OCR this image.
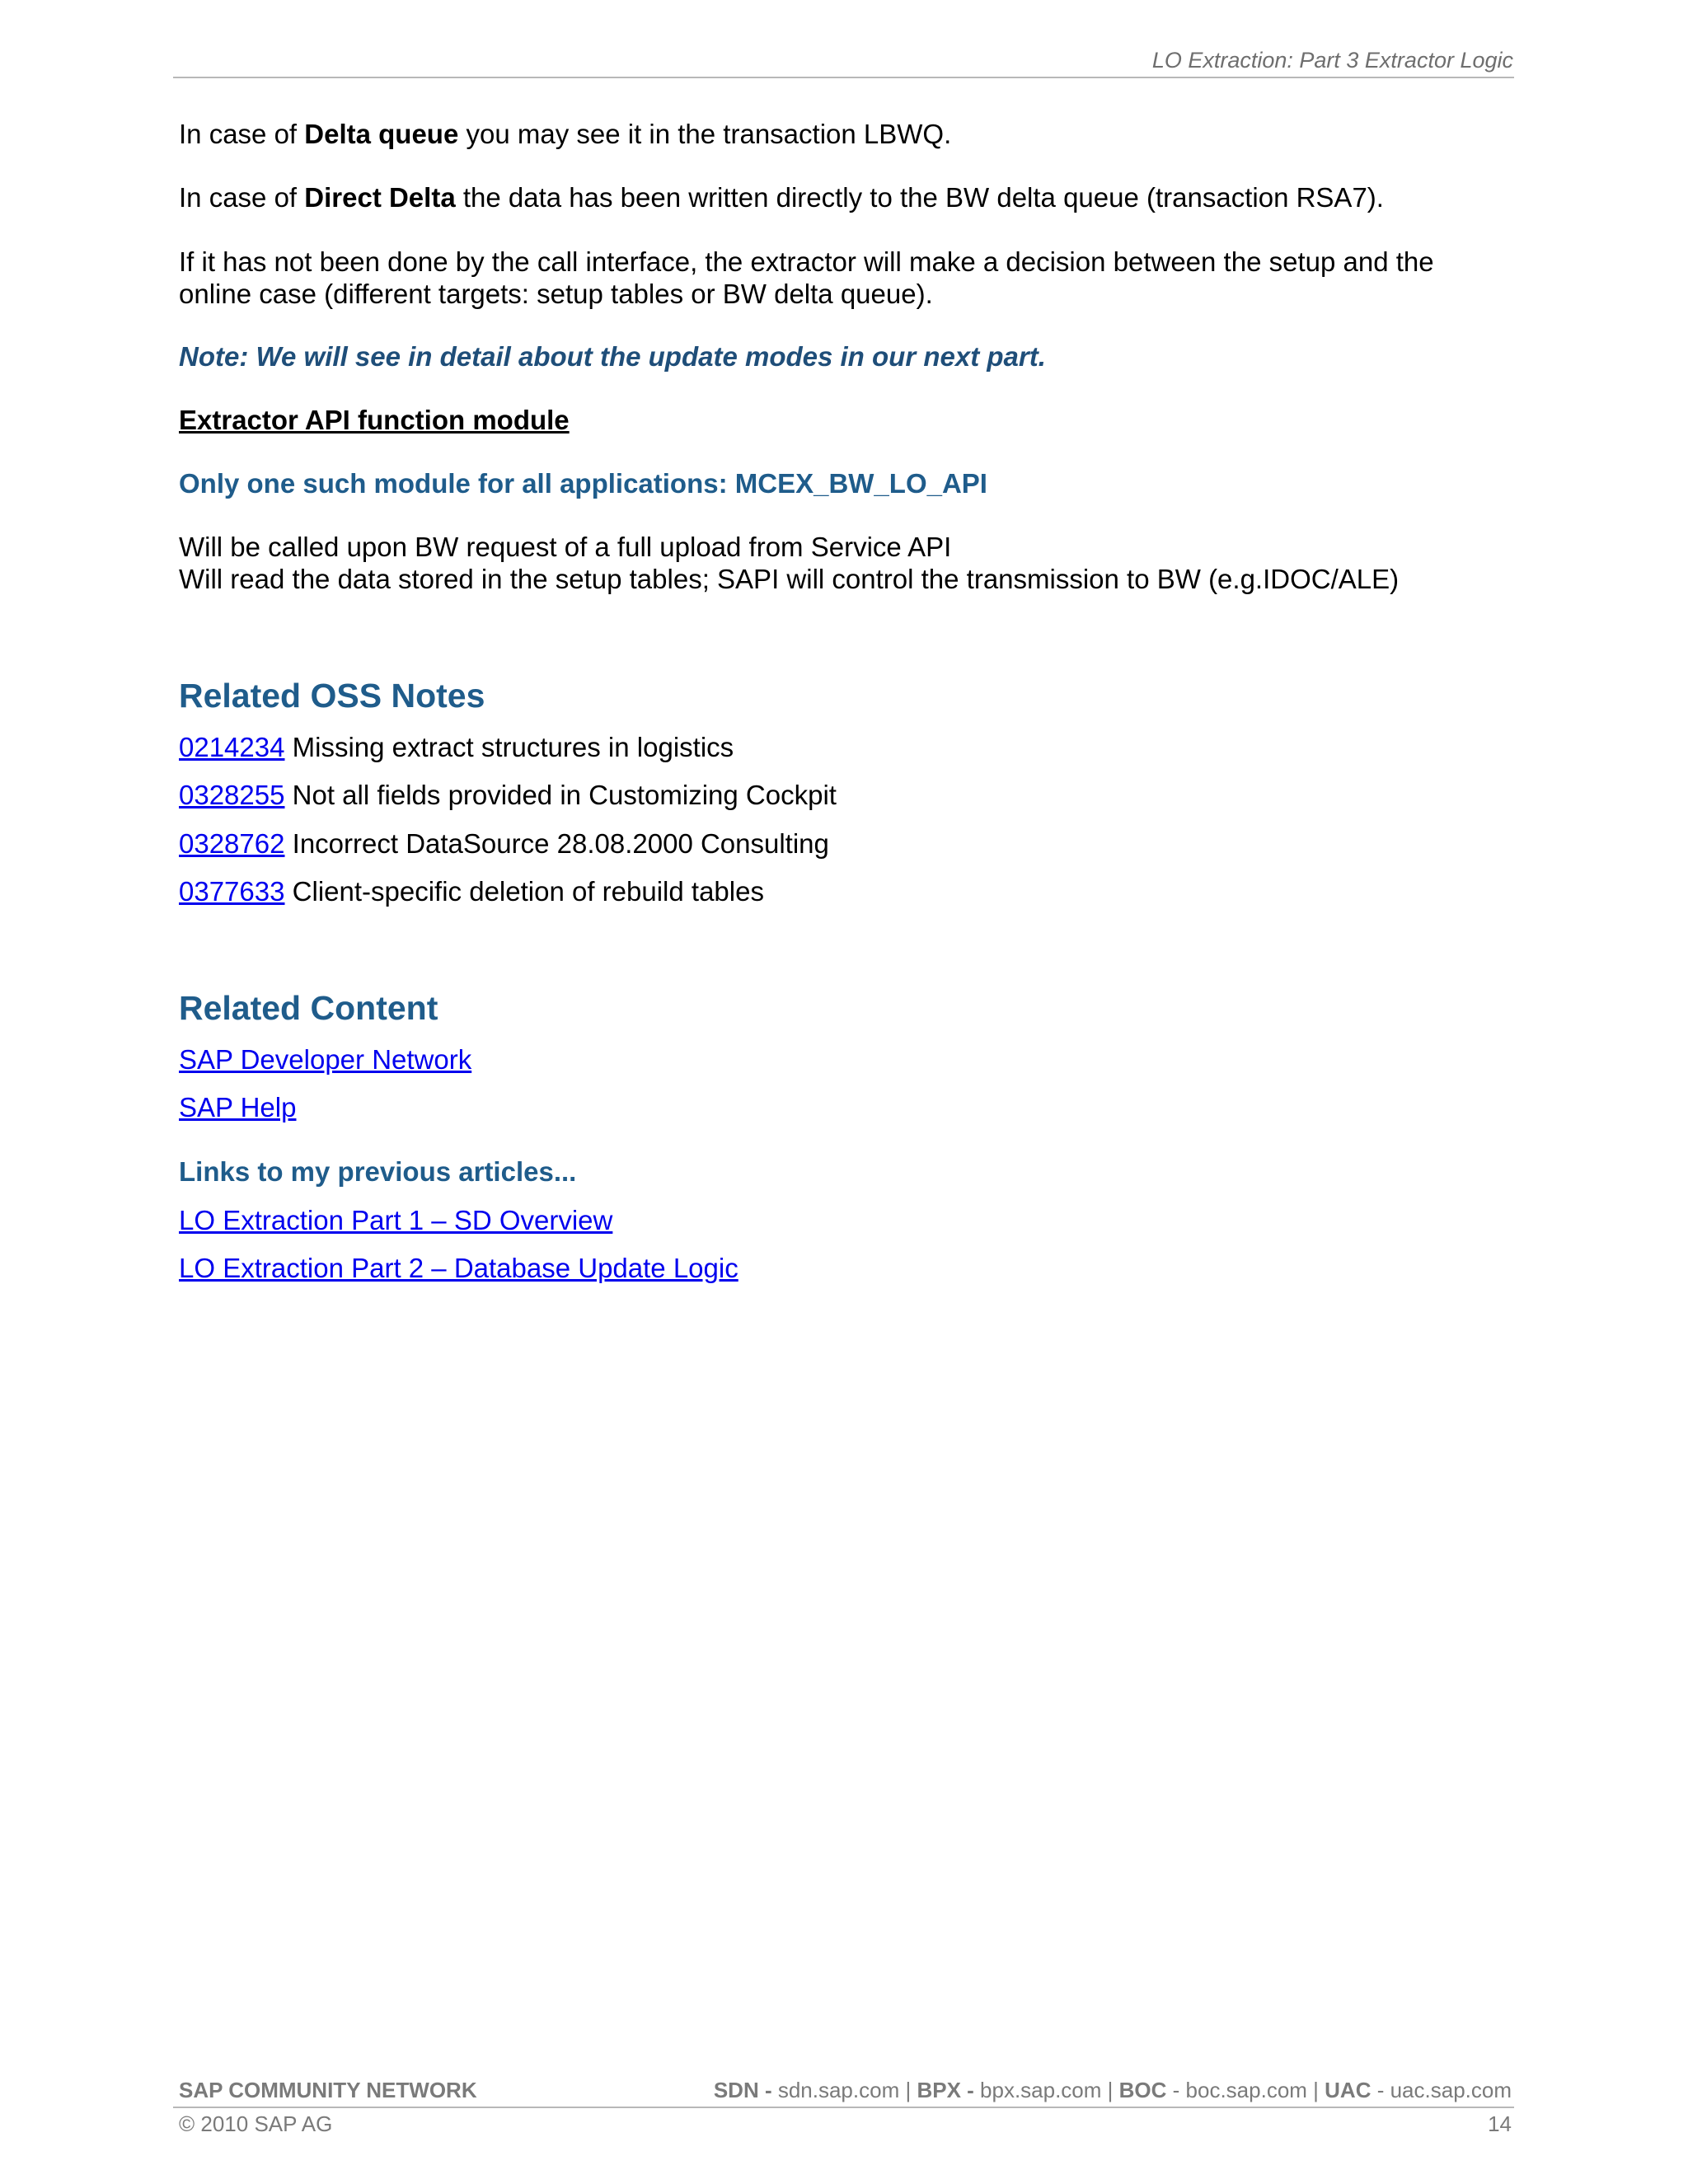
LO Extraction: Part 3 Extractor Logic
In case of Delta queue you may see it in the transaction LBWQ.
In case of Direct Delta the data has been written directly to the BW delta queue (transaction RSA7).
If it has not been done by the call interface, the extractor will make a decision between the setup and the
online case (different targets: setup tables or BW delta queue).
Note: We will see in detail about the update modes in our next part.
Extractor API function module
Only one such module for all applications: MCEX_BW_LO_API
Will be called upon BW request of a full upload from Service API
Will read the data stored in the setup tables; SAPI will control the transmission to BW (e.g.IDOC/ALE)
Related OSS Notes
0214234 Missing extract structures in logistics
0328255 Not all fields provided in Customizing Cockpit
0328762 Incorrect DataSource 28.08.2000 Consulting
0377633 Client-specific deletion of rebuild tables
Related Content
SAP Developer Network
SAP Help
Links to my previous articles...
LO Extraction Part 1 – SD Overview
LO Extraction Part 2 – Database Update Logic
SAP COMMUNITY NETWORK	SDN - sdn.sap.com | BPX - bpx.sap.com | BOC - boc.sap.com | UAC - uac.sap.com
© 2010 SAP AG	14
